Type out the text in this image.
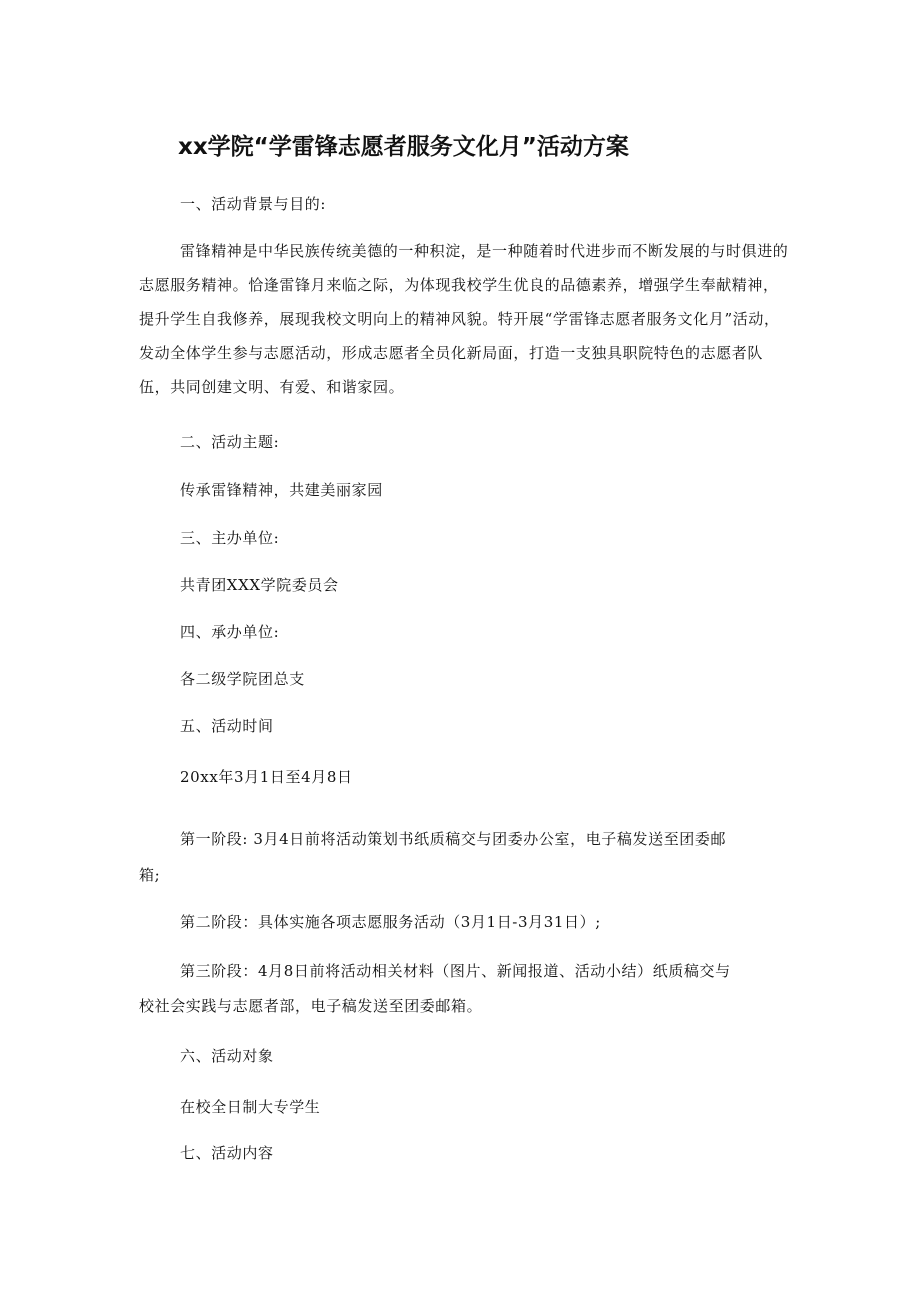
xx学院“学雷锋志愿者服务文化月”活动方案
一、活动背景与目的:
雷锋精神是中华民族传统美德的一种积淀，是一种随着时代进步而不断发展的与时俱进的志愿服务精神。恰逢雷锋月来临之际，为体现我校学生优良的品德素养，增强学生奉献精神，提升学生自我修养，展现我校文明向上的精神风貌。特开展“学雷锋志愿者服务文化月”活动，发动全体学生参与志愿活动，形成志愿者全员化新局面，打造一支独具职院特色的志愿者队伍，共同创建文明、有爱、和谐家园。
二、活动主题:
传承雷锋精神，共建美丽家园
三、主办单位:
共青团XXX学院委员会
四、承办单位:
各二级学院团总支
五、活动时间
20xx年3月1日至4月8日
第一阶段: 3月4日前将活动策划书纸质稿交与团委办公室，电子稿发送至团委邮
箱;
第二阶段：具体实施各项志愿服务活动（3月1日-3月31日）;
第三阶段：4月8日前将活动相关材料（图片、新闻报道、活动小结）纸质稿交与
校社会实践与志愿者部，电子稿发送至团委邮箱。
六、活动对象
在校全日制大专学生
七、活动内容
